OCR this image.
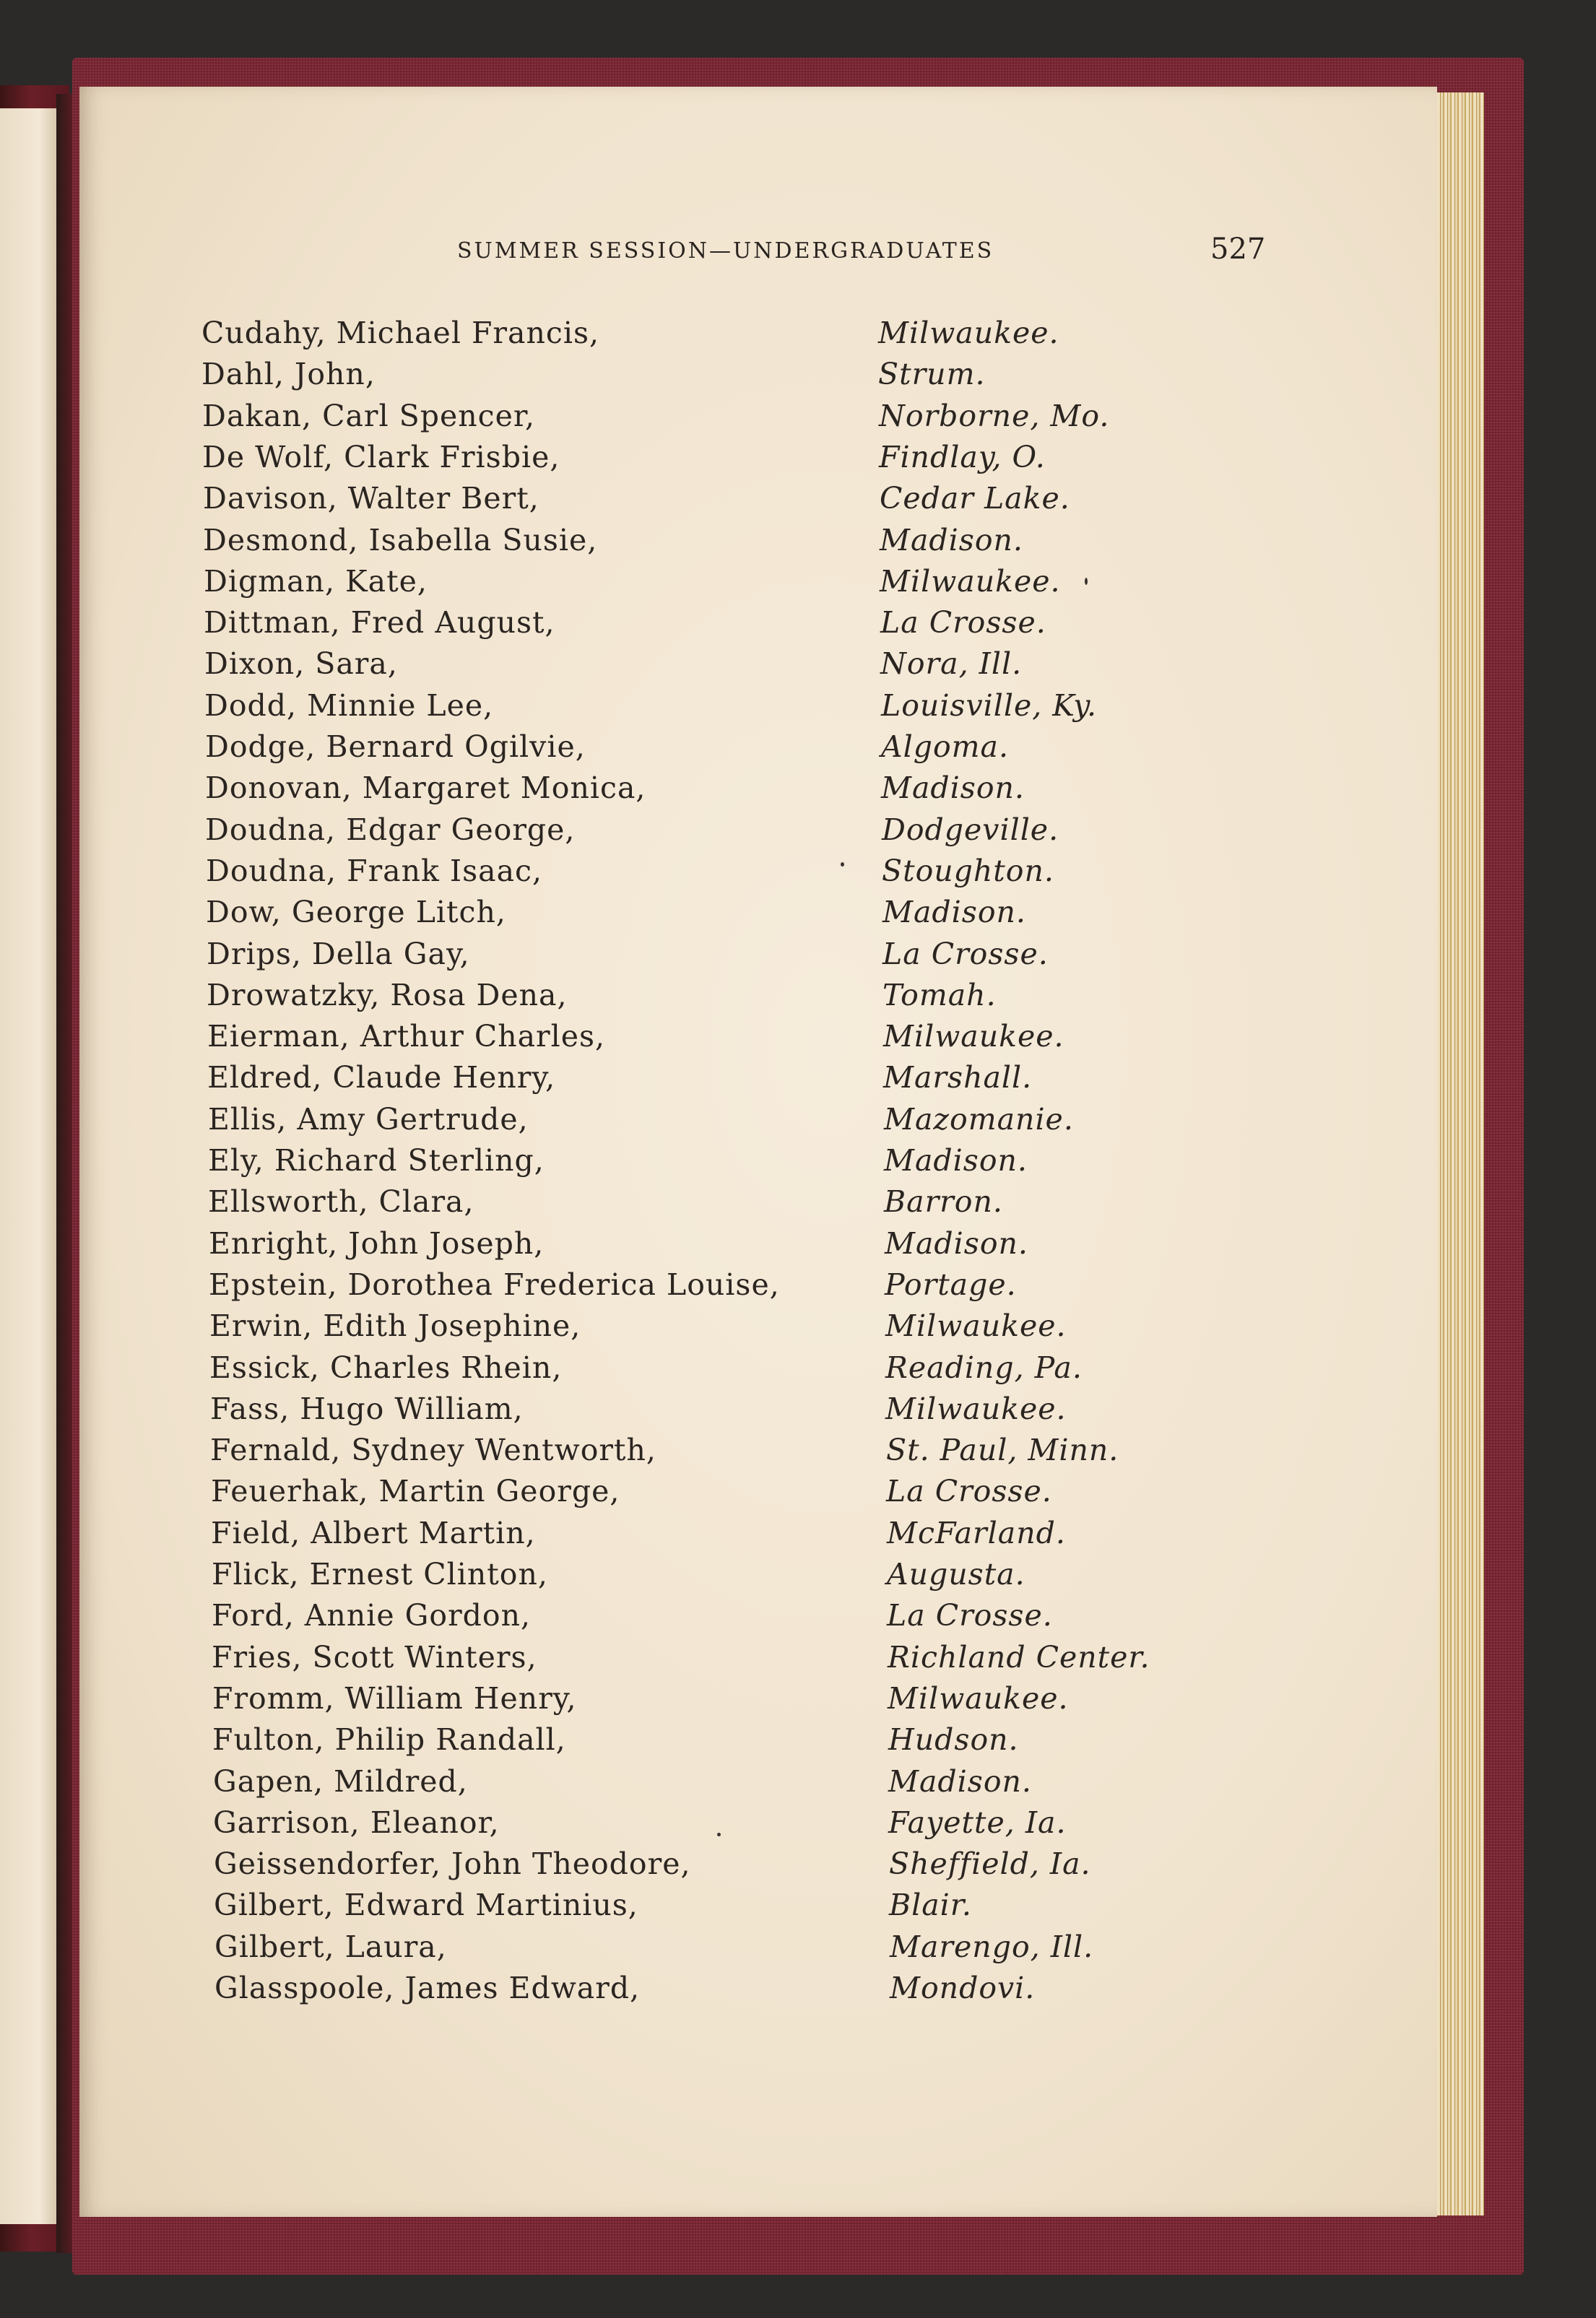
SUMMER SESSION—UNDERGRADUATES	527
Cudahy, Michael Francis,	Milwaukee.
Dahl, John,	Strum.
Dakan, Carl Spencer,	Norborne, Mo.
De Wolf, Clark Frisbie,	Findlay, O.
Davison, Walter Bert,	Cedar Lake.
Desmond, Isabella Susie,	Madison.
Digman, Kate,	Milwaukee.
Dittman, Fred August,	La Crosse.
Dixon, Sara,	Nora, Ill.
Dodd, Minnie Lee,	Louisville, Ky.
Dodge, Bernard Ogilvie,	Algoma.
Donovan, Margaret Monica,	Madison.
Doudna, Edgar George,	Dodgeville.
Doudna, Frank Isaac,	Stoughton.
Dow, George Litch,	Madison.
Drips, Della Gay,	La Crosse.
Drowatzky, Rosa Dena,	Tomah.
Eierman, Arthur Charles,	Milwaukee.
Eldred, Claude Henry,	Marshall.
Ellis, Amy Gertrude,	Mazomanie.
Ely, Richard Sterling,	Madison.
Ellsworth, Clara,	Barron.
Enright, John Joseph,	Madison.
Epstein, Dorothea Frederica Louise,	Portage.
Erwin, Edith Josephine,	Milwaukee.
Essick, Charles Rhein,	Reading, Pa.
Fass, Hugo William,	Milwaukee.
Fernald, Sydney Wentworth,	St. Paul, Minn.
Feuerhak, Martin George,	La Crosse.
Field, Albert Martin,	McFarland.
Flick, Ernest Clinton,	Augusta.
Ford, Annie Gordon,	La Crosse.
Fries, Scott Winters,	Richland Center.
Fromm, William Henry,	Milwaukee.
Fulton, Philip Randall,	Hudson.
Gapen, Mildred,	Madison.
Garrison, Eleanor,	Fayette, Ia.
Geissendorfer, John Theodore,	Sheffield, Ia.
Gilbert, Edward Martinius,	Blair.
Gilbert, Laura,	Marengo, Ill.
Glasspoole, James Edward,	Mondovi.
